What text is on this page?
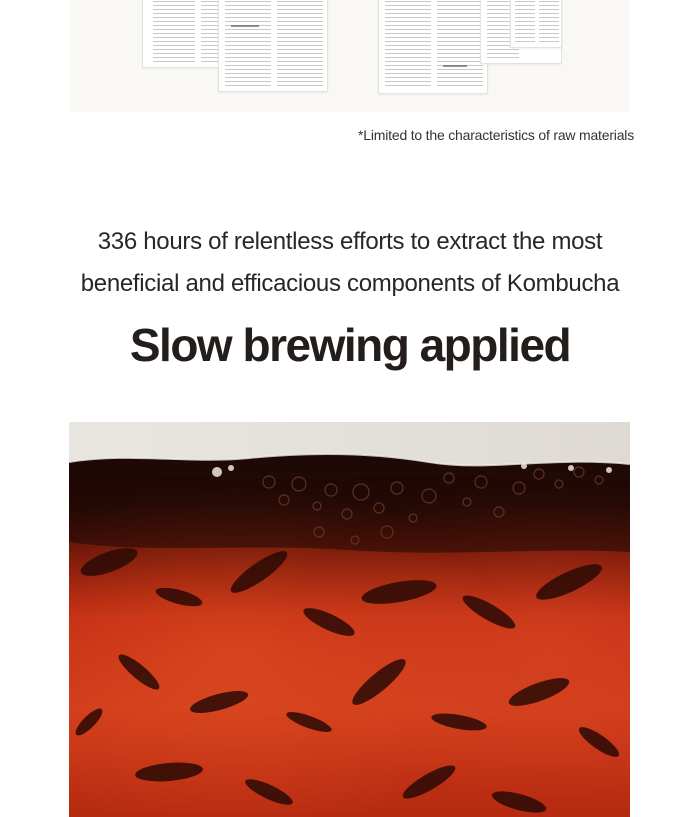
*Limited to the characteristics of raw materials
336 hours of relentless efforts to extract the most
beneficial and efficacious components of Kombucha
Slow brewing applied
